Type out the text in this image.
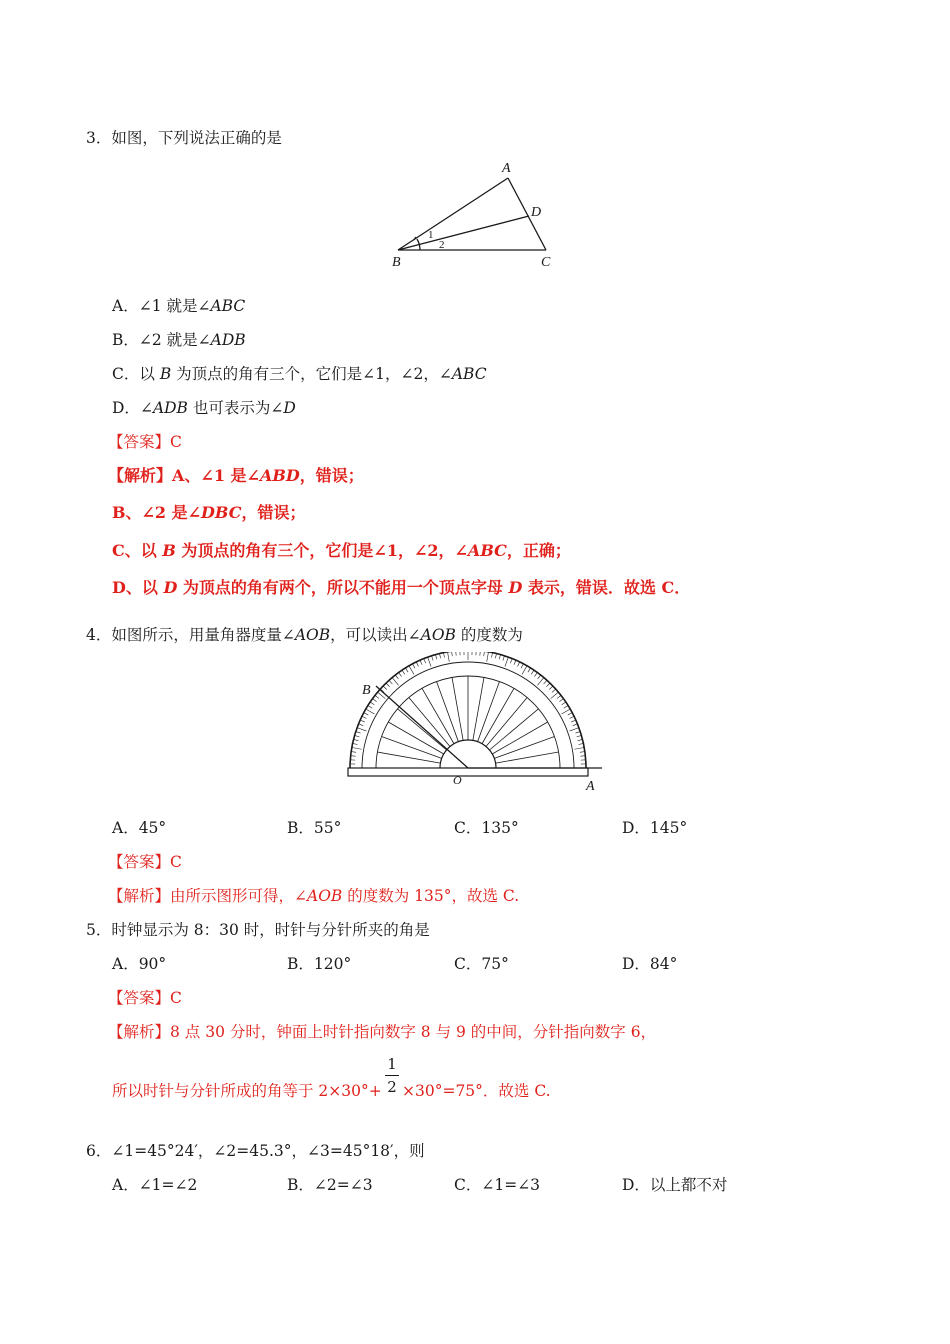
3．如图，下列说法正确的是
A
D
B	C
1
2
A．∠1 就是∠ABC
B．∠2 就是∠ADB
C．以 B 为顶点的角有三个，它们是∠1，∠2，∠ABC
D．∠ADB 也可表示为∠D
【答案】C
【解析】A、∠1 是∠ABD，错误；
B、∠2 是∠DBC，错误；
C、以 B 为顶点的角有三个，它们是∠1，∠2，∠ABC，正确；
D、以 D 为顶点的角有两个，所以不能用一个顶点字母 D 表示，错误．故选 C．
4．如图所示，用量角器度量∠AOB，可以读出∠AOB 的度数为
B
O	A
A．45°	B．55°	C．135°	D．145°
【答案】C
【解析】由所示图形可得，∠AOB 的度数为 135°，故选 C.
5．时钟显示为 8：30 时，时针与分针所夹的角是
A．90°	B．120°	C．75°	D．84°
【答案】C
【解析】8 点 30 分时，钟面上时针指向数字 8 与 9 的中间，分针指向数字 6，
所以时针与分针所成的角等于 2×30°+
1
2 ×30°=75°．故选 C.
6．∠1=45°24′，∠2=45.3°，∠3=45°18′，则
A．∠1=∠2	B．∠2=∠3	C．∠1=∠3	D．以上都不对
